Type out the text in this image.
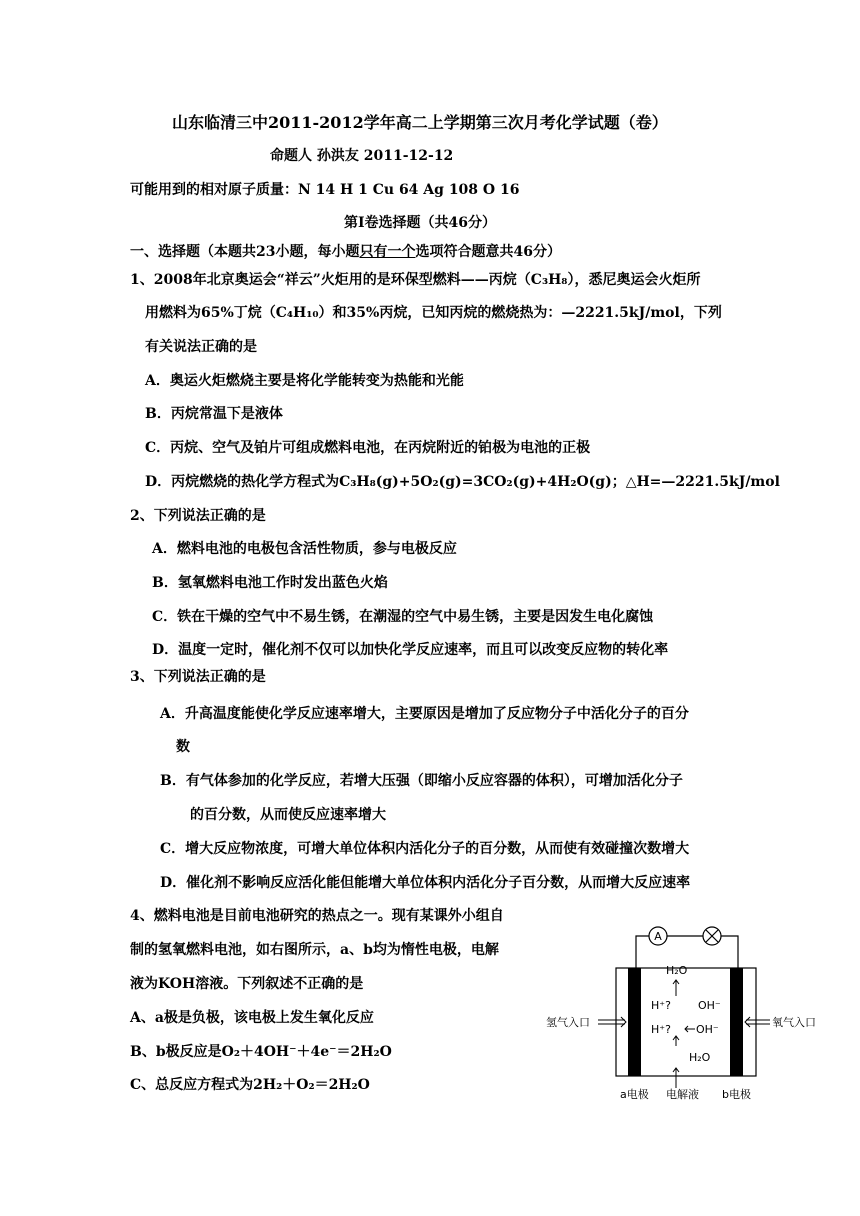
山东临清三中2011-2012学年高二上学期第三次月考化学试题（卷）
命题人 孙洪友 2011-12-12
可能用到的相对原子质量：N 14 H 1 Cu 64 Ag 108 O 16
第Ⅰ卷选择题（共46分）
一、选择题（本题共23小题，每小题只有一个选项符合题意共46分）
1、2008年北京奥运会“祥云”火炬用的是环保型燃料——丙烷（C₃H₈），悉尼奥运会火炬所
用燃料为65%丁烷（C₄H₁₀）和35%丙烷，已知丙烷的燃烧热为：—2221.5kJ/mol，下列
有关说法正确的是
A．奥运火炬燃烧主要是将化学能转变为热能和光能
B．丙烷常温下是液体
C．丙烷、空气及铂片可组成燃料电池，在丙烷附近的铂极为电池的正极
D．丙烷燃烧的热化学方程式为C₃H₈(g)+5O₂(g)=3CO₂(g)+4H₂O(g)；△H=—2221.5kJ/mol
2、下列说法正确的是
A．燃料电池的电极包含活性物质，参与电极反应
B．氢氧燃料电池工作时发出蓝色火焰
C．铁在干燥的空气中不易生锈，在潮湿的空气中易生锈，主要是因发生电化腐蚀
D．温度一定时，催化剂不仅可以加快化学反应速率，而且可以改变反应物的转化率
3、下列说法正确的是
A．升高温度能使化学反应速率增大，主要原因是增加了反应物分子中活化分子的百分
数
B．有气体参加的化学反应，若增大压强（即缩小反应容器的体积），可增加活化分子
的百分数，从而使反应速率增大
C．增大反应物浓度，可增大单位体积内活化分子的百分数，从而使有效碰撞次数增大
D．催化剂不影响反应活化能但能增大单位体积内活化分子百分数，从而增大反应速率
4、燃料电池是目前电池研究的热点之一。现有某课外小组自
制的氢氧燃料电池，如右图所示，a、b均为惰性电极，电解
液为KOH溶液。下列叙述不正确的是
A、a极是负极，该电极上发生氧化反应
B、b极反应是O₂＋4OH⁻＋4e⁻＝2H₂O
C、总反应方程式为2H₂＋O₂＝2H₂O
A
H₂O
H⁺? OH⁻
H⁺? OH⁻
H₂O
氢气入口	氧气入口
a电极 电解液 b电极
